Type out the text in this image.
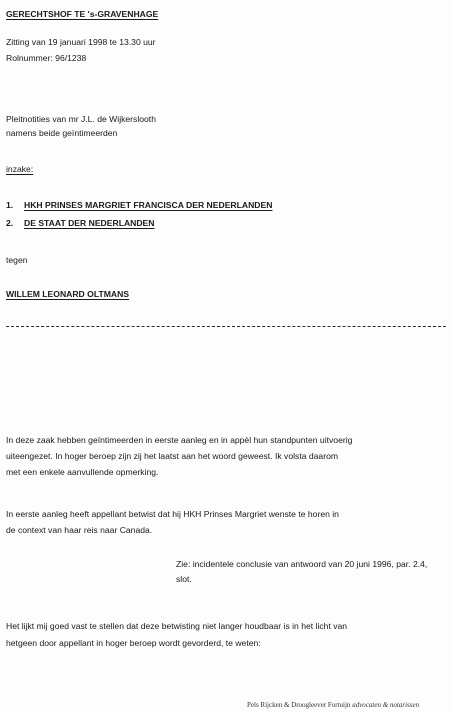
GERECHTSHOF TE 's-GRAVENHAGE
Zitting van 19 januari 1998 te 13.30 uur
Rolnummer: 96/1238
Pleitnotities van mr J.L. de Wijkerslooth
namens beide geïntimeerden
inzake:
1. HKH PRINSES MARGRIET FRANCISCA DER NEDERLANDEN
2. DE STAAT DER NEDERLANDEN
tegen
WILLEM LEONARD OLTMANS
In deze zaak hebben geïntimeerden in eerste aanleg en in appèl hun standpunten uitvoerig
uiteengezet. In hoger beroep zijn zij het laatst aan het woord geweest. Ik volsta daarom
met een enkele aanvullende opmerking.
In eerste aanleg heeft appellant betwist dat hij HKH Prinses Margriet wenste te horen in
de context van haar reis naar Canada.
Zie: incidentele conclusie van antwoord van 20 juni 1996, par. 2.4,
slot.
Het lijkt mij goed vast te stellen dat deze betwisting niet langer houdbaar is in het licht van
hetgeen door appellant in hoger beroep wordt gevorderd, te weten:
Pels Rijcken & Droogleever Fortuijn advocaten & notarissen
